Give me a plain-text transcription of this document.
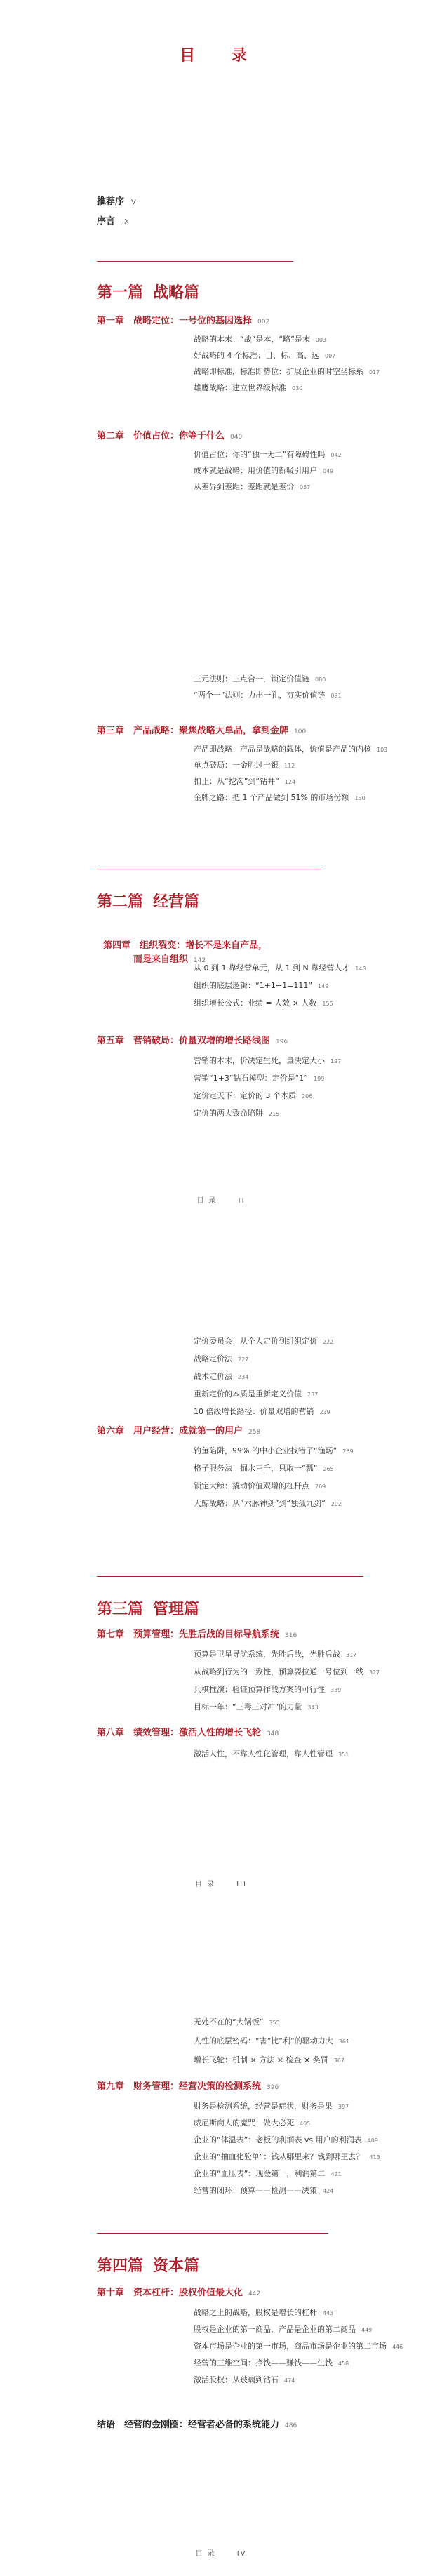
目 录
推荐序 V
序言 IX
第一篇 战略篇
第一章　战略定位：一号位的基因选择 002
战略的本末：“战”是本，“略”是末 003
好战略的 4 个标准：目、标、高、远 007
战略即标准，标准即势位：扩展企业的时空坐标系 017
雄鹰战略：建立世界级标准 030
第二章　价值占位：你等于什么 040
价值占位：你的“独一无二”有障碍性吗 042
成本就是战略：用价值的新吸引用户 049
从差异到差距：差距就是差价 057
三元法则：三点合一，锁定价值链 080
“两个一”法则：力出一孔，夯实价值链 091
第三章　产品战略：聚焦战略大单品，拿到金牌 100
产品即战略：产品是战略的载体，价值是产品的内核 103
单点破局：一金胜过十银 112
扣止：从“挖沟”到“钻井” 124
金牌之路：把 1 个产品做到 51% 的市场份额 130
第二篇 经营篇

第四章　组织裂变：增长不是来自产品，
　　　　而是来自组织 142

从 0 到 1 靠经营单元，从 1 到 N 靠经营人才 143
组织的底层逻辑：“1+1+1=111” 149
组织增长公式：业绩 = 人效 × 人数 155
第五章　营销破局：价量双增的增长路线图 196
营销的本末，价决定生死，量决定大小 197
营销“1+3”钻石模型：定价是“1” 199
定价定天下：定价的 3 个本质 206
定价的两大致命陷阱 215
目 录	II
定价委员会：从个人定价到组织定价 222
战略定价法 227
战术定价法 234
重新定价的本质是重新定义价值 237
10 倍级增长路径：价量双增的营销 239
第六章　用户经营：成就第一的用户 258
钓鱼陷阱，99% 的中小企业找错了“渔场” 259
格子服务法：掘水三千，只取一“瓢” 265
锁定大鲸：撬动价值双增的杠杆点 269
大鲸战略：从“六脉神剑”到“独孤九剑” 292
第三篇 管理篇
第七章　预算管理：先胜后战的目标导航系统 316
预算是卫星导航系统，先胜后战，先胜后战 317
从战略到行为的一致性，预算要拉通一号位到一线 327
兵棋推演：验证预算作战方案的可行性 339
目标一年：“三毒三对冲”的力量 343
第八章　绩效管理：激活人性的增长飞轮 348
激活人性，不靠人性化管理，靠人性管理 351
目 录	III
无处不在的“大锅饭” 355
人性的底层密码：“害”比“利”的驱动力大 361
增长飞轮：机制 × 方法 × 检查 × 奖罚 367
第九章　财务管理：经营决策的检测系统 396
财务是检测系统，经营是症状，财务是果 397
威尼斯商人的魔咒：做大必死 405
企业的“体温表”：老板的利润表 vs 用户的利润表 409
企业的“抽血化验单”：钱从哪里来？钱到哪里去？ 413
企业的“血压表”：现金第一，利润第二 421
经营的闭环：预算——检测——决策 424
第四篇 资本篇
第十章　资本杠杆：股权价值最大化 442
战略之上的战略，股权是增长的杠杆 443
股权是企业的第一商品，产品是企业的第二商品 449
资本市场是企业的第一市场，商品市场是企业的第二市场 446
经营的三维空间：挣钱——赚钱——生钱 458
激活股权：从玻璃到钻石 474
结语　经营的金刚圈：经营者必备的系统能力 486
目 录	IV
